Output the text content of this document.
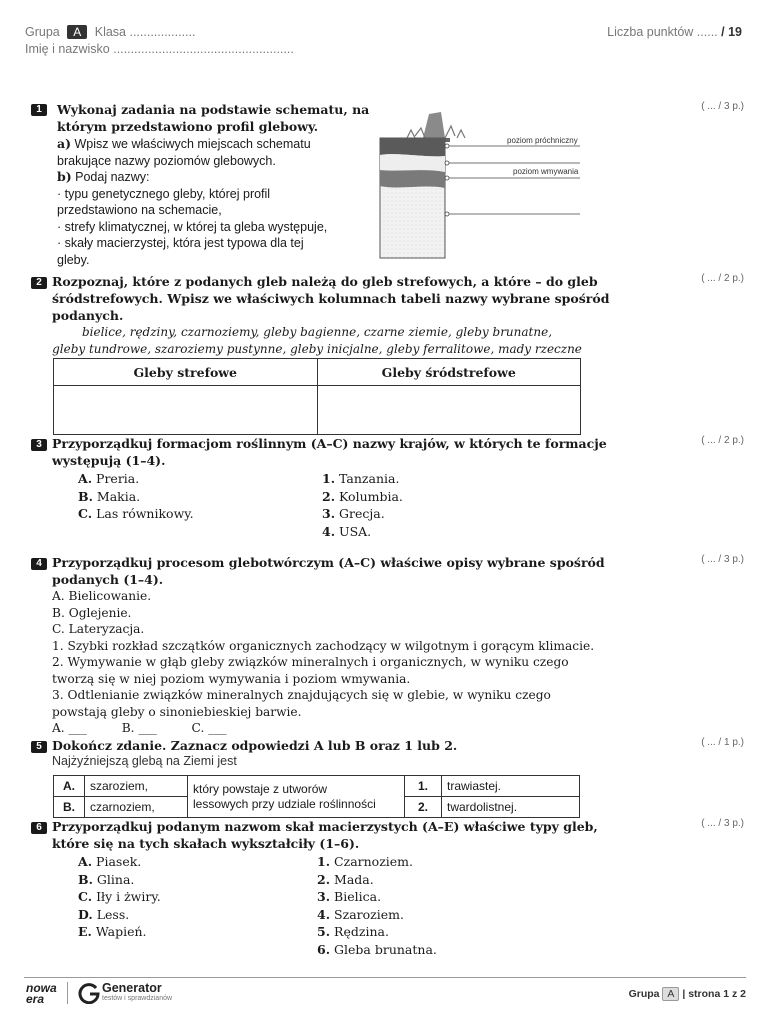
Grupa A Klasa ...................
Imię i nazwisko ....................................................
Liczba punktów ...... / 19
1	( ... / 3 p.)
Wykonaj zadania na podstawie schematu, na
którym przedstawiono profil glebowy.
a) Wpisz we właściwych miejscach schematu
brakujące nazwy poziomów glebowych.
b) Podaj nazwy:
· typu genetycznego gleby, której profil
przedstawiono na schemacie,
· strefy klimatycznej, w której ta gleba występuje,
· skały macierzystej, która jest typowa dla tej
gleby.
poziom próchniczny
poziom wmywania
2	( ... / 2 p.)
Rozpoznaj, które z podanych gleb należą do gleb strefowych, a które – do gleb
śródstrefowych. Wpisz we właściwych kolumnach tabeli nazwy wybrane spośród
podanych.
bielice, rędziny, czarnoziemy, gleby bagienne, czarne ziemie, gleby brunatne,
gleby tundrowe, szaroziemy pustynne, gleby inicjalne, gleby ferralitowe, mady rzeczne
Gleby strefowe	Gleby śródstrefowe

3	( ... / 2 p.)
Przyporządkuj formacjom roślinnym (A–C) nazwy krajów, w których te formacje
występują (1–4).
A. Preria.
B. Makia.
C. Las równikowy.
1. Tanzania.
2. Kolumbia.
3. Grecja.
4. USA.
4	( ... / 3 p.)
Przyporządkuj procesom glebotwórczym (A–C) właściwe opisy wybrane spośród
podanych (1–4).
A. Bielicowanie.
B. Oglejenie.
C. Lateryzacja.
1. Szybki rozkład szczątków organicznych zachodzący w wilgotnym i gorącym klimacie.
2. Wymywanie w głąb gleby związków mineralnych i organicznych, w wyniku czego
tworzą się w niej poziom wymywania i poziom wmywania.
3. Odtlenianie związków mineralnych znajdujących się w glebie, w wyniku czego
powstają gleby o sinoniebieskiej barwie.
A. ___         B. ___         C. ___
5	( ... / 1 p.)
Dokończ zdanie. Zaznacz odpowiedzi A lub B oraz 1 lub 2.
Najżyźniejszą glebą na Ziemi jest
A.	szaroziem,	który powstaje z utworów
lessowych przy udziale roślinności	1.	trawiastej.
B.	czarnoziem,		2.	twardolistnej.
6	( ... / 3 p.)
Przyporządkuj podanym nazwom skał macierzystych (A–E) właściwe typy gleb,
które się na tych skałach wykształciły (1–6).
A. Piasek.
B. Glina.
C. Iły i żwiry.
D. Less.
E. Wapień.
1. Czarnoziem.
2. Mada.
3. Bielica.
4. Szaroziem.
5. Rędzina.
6. Gleba brunatna.
nowa era
Generator
testów i sprawdzianów	Grupa A | strona 1 z 2
